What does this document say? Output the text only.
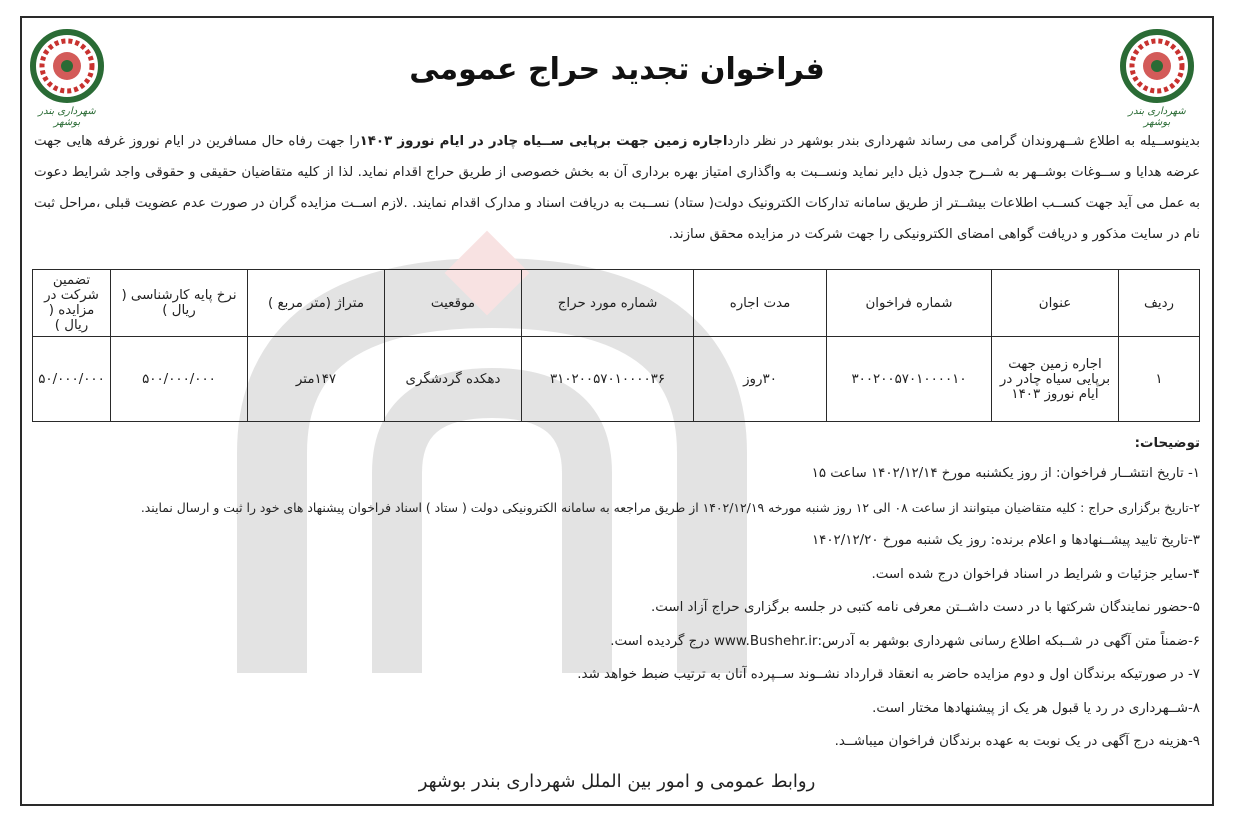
شهرداری بندر بوشهر
شهرداری بندر بوشهر
فراخوان تجدید حراج عمومی
بدینوســیله به اطلاع شــهروندان گرامی می رساند شهرداری بندر بوشهر در نظر دارداجاره زمین جهت برپایی ســیاه چادر در ایام نوروز ۱۴۰۳را جهت رفاه حال مسافرین در ایام نوروز غرفه هایی جهت عرضه هدایا و ســوغات بوشــهر به شــرح جدول ذیل دایر نماید ونســبت به واگذاری امتیاز بهره برداری آن به بخش خصوصی از طریق حراج اقدام نماید. لذا از کلیه متقاضیان حقیقی و حقوقی واجد شرایط دعوت به عمل می آید جهت کســب اطلاعات بیشــتر از طریق سامانه تدارکات الکترونیک دولت( ستاد) نســبت به دریافت اسناد و مدارک اقدام نمایند. .لازم اســت مزایده گران در صورت عدم عضویت قبلی ،مراحل ثبت نام در سایت مذکور و دریافت گواهی امضای الکترونیکی را جهت شرکت در مزایده محقق سازند.
ردیف	عنوان	شماره فراخوان	مدت اجاره	شماره مورد حراج	موقعیت	متراژ (متر مربع )	نرخ پایه کارشناسی ( ریال )	تضمین شرکت در مزایده ( ریال )
۱	اجاره زمین جهت برپایی سیاه چادر در ایام نوروز ۱۴۰۳	۳۰۰۲۰۰۵۷۰۱۰۰۰۰۱۰	۳۰روز	۳۱۰۲۰۰۵۷۰۱۰۰۰۰۳۶	دهکده گردشگری	۱۴۷متر	۵۰۰/۰۰۰/۰۰۰	۵۰/۰۰۰/۰۰۰
توضیحات:
۱- تاریخ انتشــار فراخوان: از روز یکشنبه مورخ ۱۴۰۲/۱۲/۱۴ ساعت ۱۵
۲-تاریخ برگزاری حراج : کلیه متقاضیان میتوانند از ساعت ۰۸ الی ۱۲ روز شنبه مورخه ۱۴۰۲/۱۲/۱۹ از طریق مراجعه به سامانه الکترونیکی دولت ( ستاد ) اسناد فراخوان پیشنهاد های خود را ثبت و ارسال نمایند.
۳-تاریخ تایید پیشــنهادها و اعلام برنده: روز یک شنبه مورخ ۱۴۰۲/۱۲/۲۰
۴-سایر جزئیات و شرایط در اسناد فراخوان درج شده است.
۵-حضور نمایندگان شرکتها با در دست داشــتن معرفی نامه کتبی در جلسه برگزاری حراج آزاد است.
۶-ضمناً متن آگهی در شــبکه اطلاع رسانی شهرداری بوشهر به آدرس:www.Bushehr.ir درج گردیده است.
۷- در صورتیکه برندگان اول و دوم مزایده حاضر به انعقاد قرارداد نشــوند ســپرده آنان به ترتیب ضبط خواهد شد.
۸-شــهرداری در رد یا قبول هر یک از پیشنهادها مختار است.
۹-هزینه درج آگهی در یک نوبت به عهده برندگان فراخوان میباشــد.
روابط عمومی و امور بین الملل شهرداری بندر بوشهر
